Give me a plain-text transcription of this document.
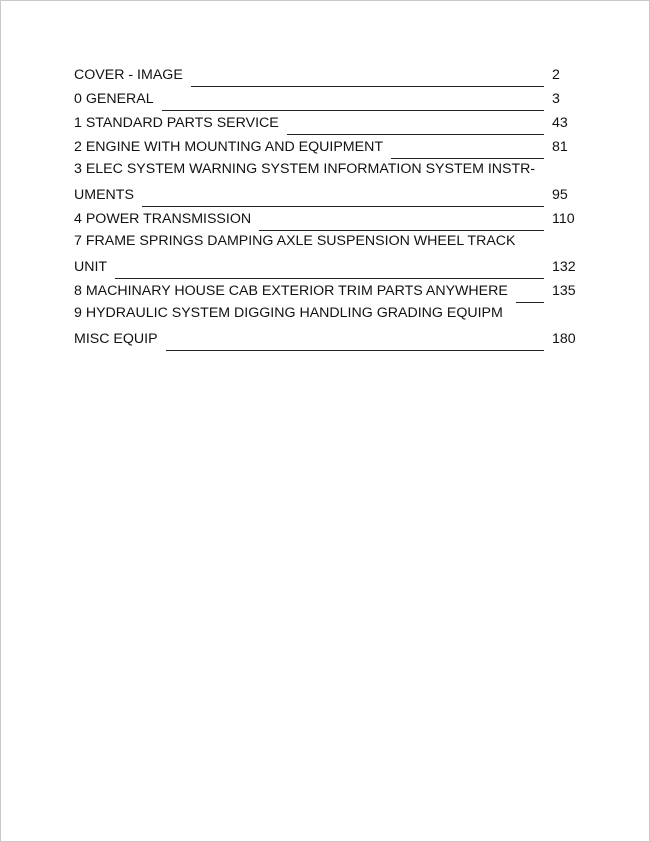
COVER - IMAGE	2
0 GENERAL	3
1 STANDARD PARTS SERVICE	43
2 ENGINE WITH MOUNTING AND EQUIPMENT	81
3 ELEC SYSTEM WARNING SYSTEM INFORMATION SYSTEM INSTR-
UMENTS	95
4 POWER TRANSMISSION	110
7 FRAME SPRINGS DAMPING AXLE SUSPENSION WHEEL TRACK
UNIT	132
8 MACHINARY HOUSE CAB EXTERIOR TRIM PARTS ANYWHERE	135
9 HYDRAULIC SYSTEM DIGGING HANDLING GRADING EQUIPM
MISC EQUIP	180
